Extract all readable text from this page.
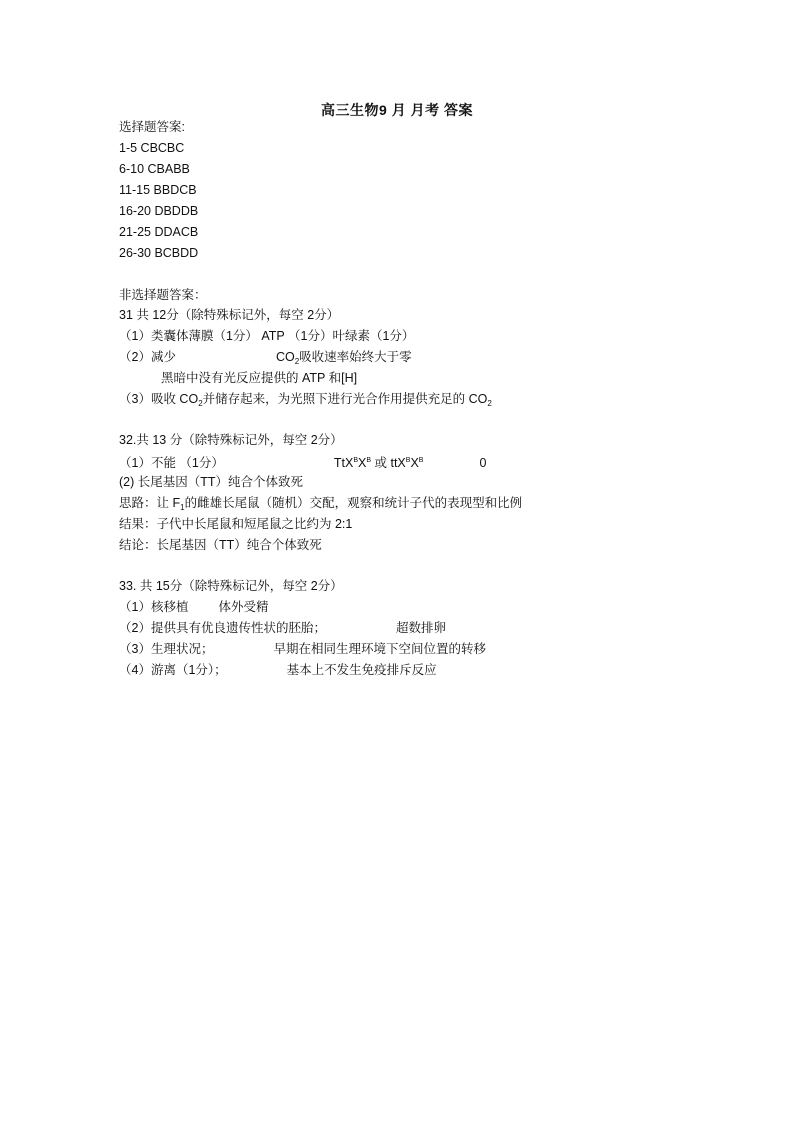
高三生物9 月 月考 答案
选择题答案:
1-5 CBCBC
6-10 CBABB
11-15 BBDCB
16-20 DBDDB
21-25 DDACB
26-30 BCBDD
非选择题答案：
31 共 12分（除特殊标记外，每空 2分）
（1）类囊体薄膜（1分） ATP （1分）叶绿素（1分）
（2）减少	$CO_2$吸收速率始终大于零
黑暗中没有光反应提供的 ATP 和[H]
（3）吸收 $CO_2$并储存起来，为光照下进行光合作用提供充足的 $CO_2$
32.共 13 分（除特殊标记外，每空 2分）
（1）不能 （1分）	$TtX^BX^B$ 或 $ttX^BX^B$	0
(2) 长尾基因（TT）纯合个体致死
思路：让 $F_1$的雌雄长尾鼠（随机）交配，观察和统计子代的表现型和比例
结果：子代中长尾鼠和短尾鼠之比约为 2:1
结论：长尾基因（TT）纯合个体致死
33. 共 15分（除特殊标记外，每空 2分）
（1）核移植 体外受精
（2）提供具有优良遗传性状的胚胎；	超数排卵
（3）生理状况；	早期在相同生理环境下空间位置的转移
（4）游离（1分）；	基本上不发生免疫排斥反应
